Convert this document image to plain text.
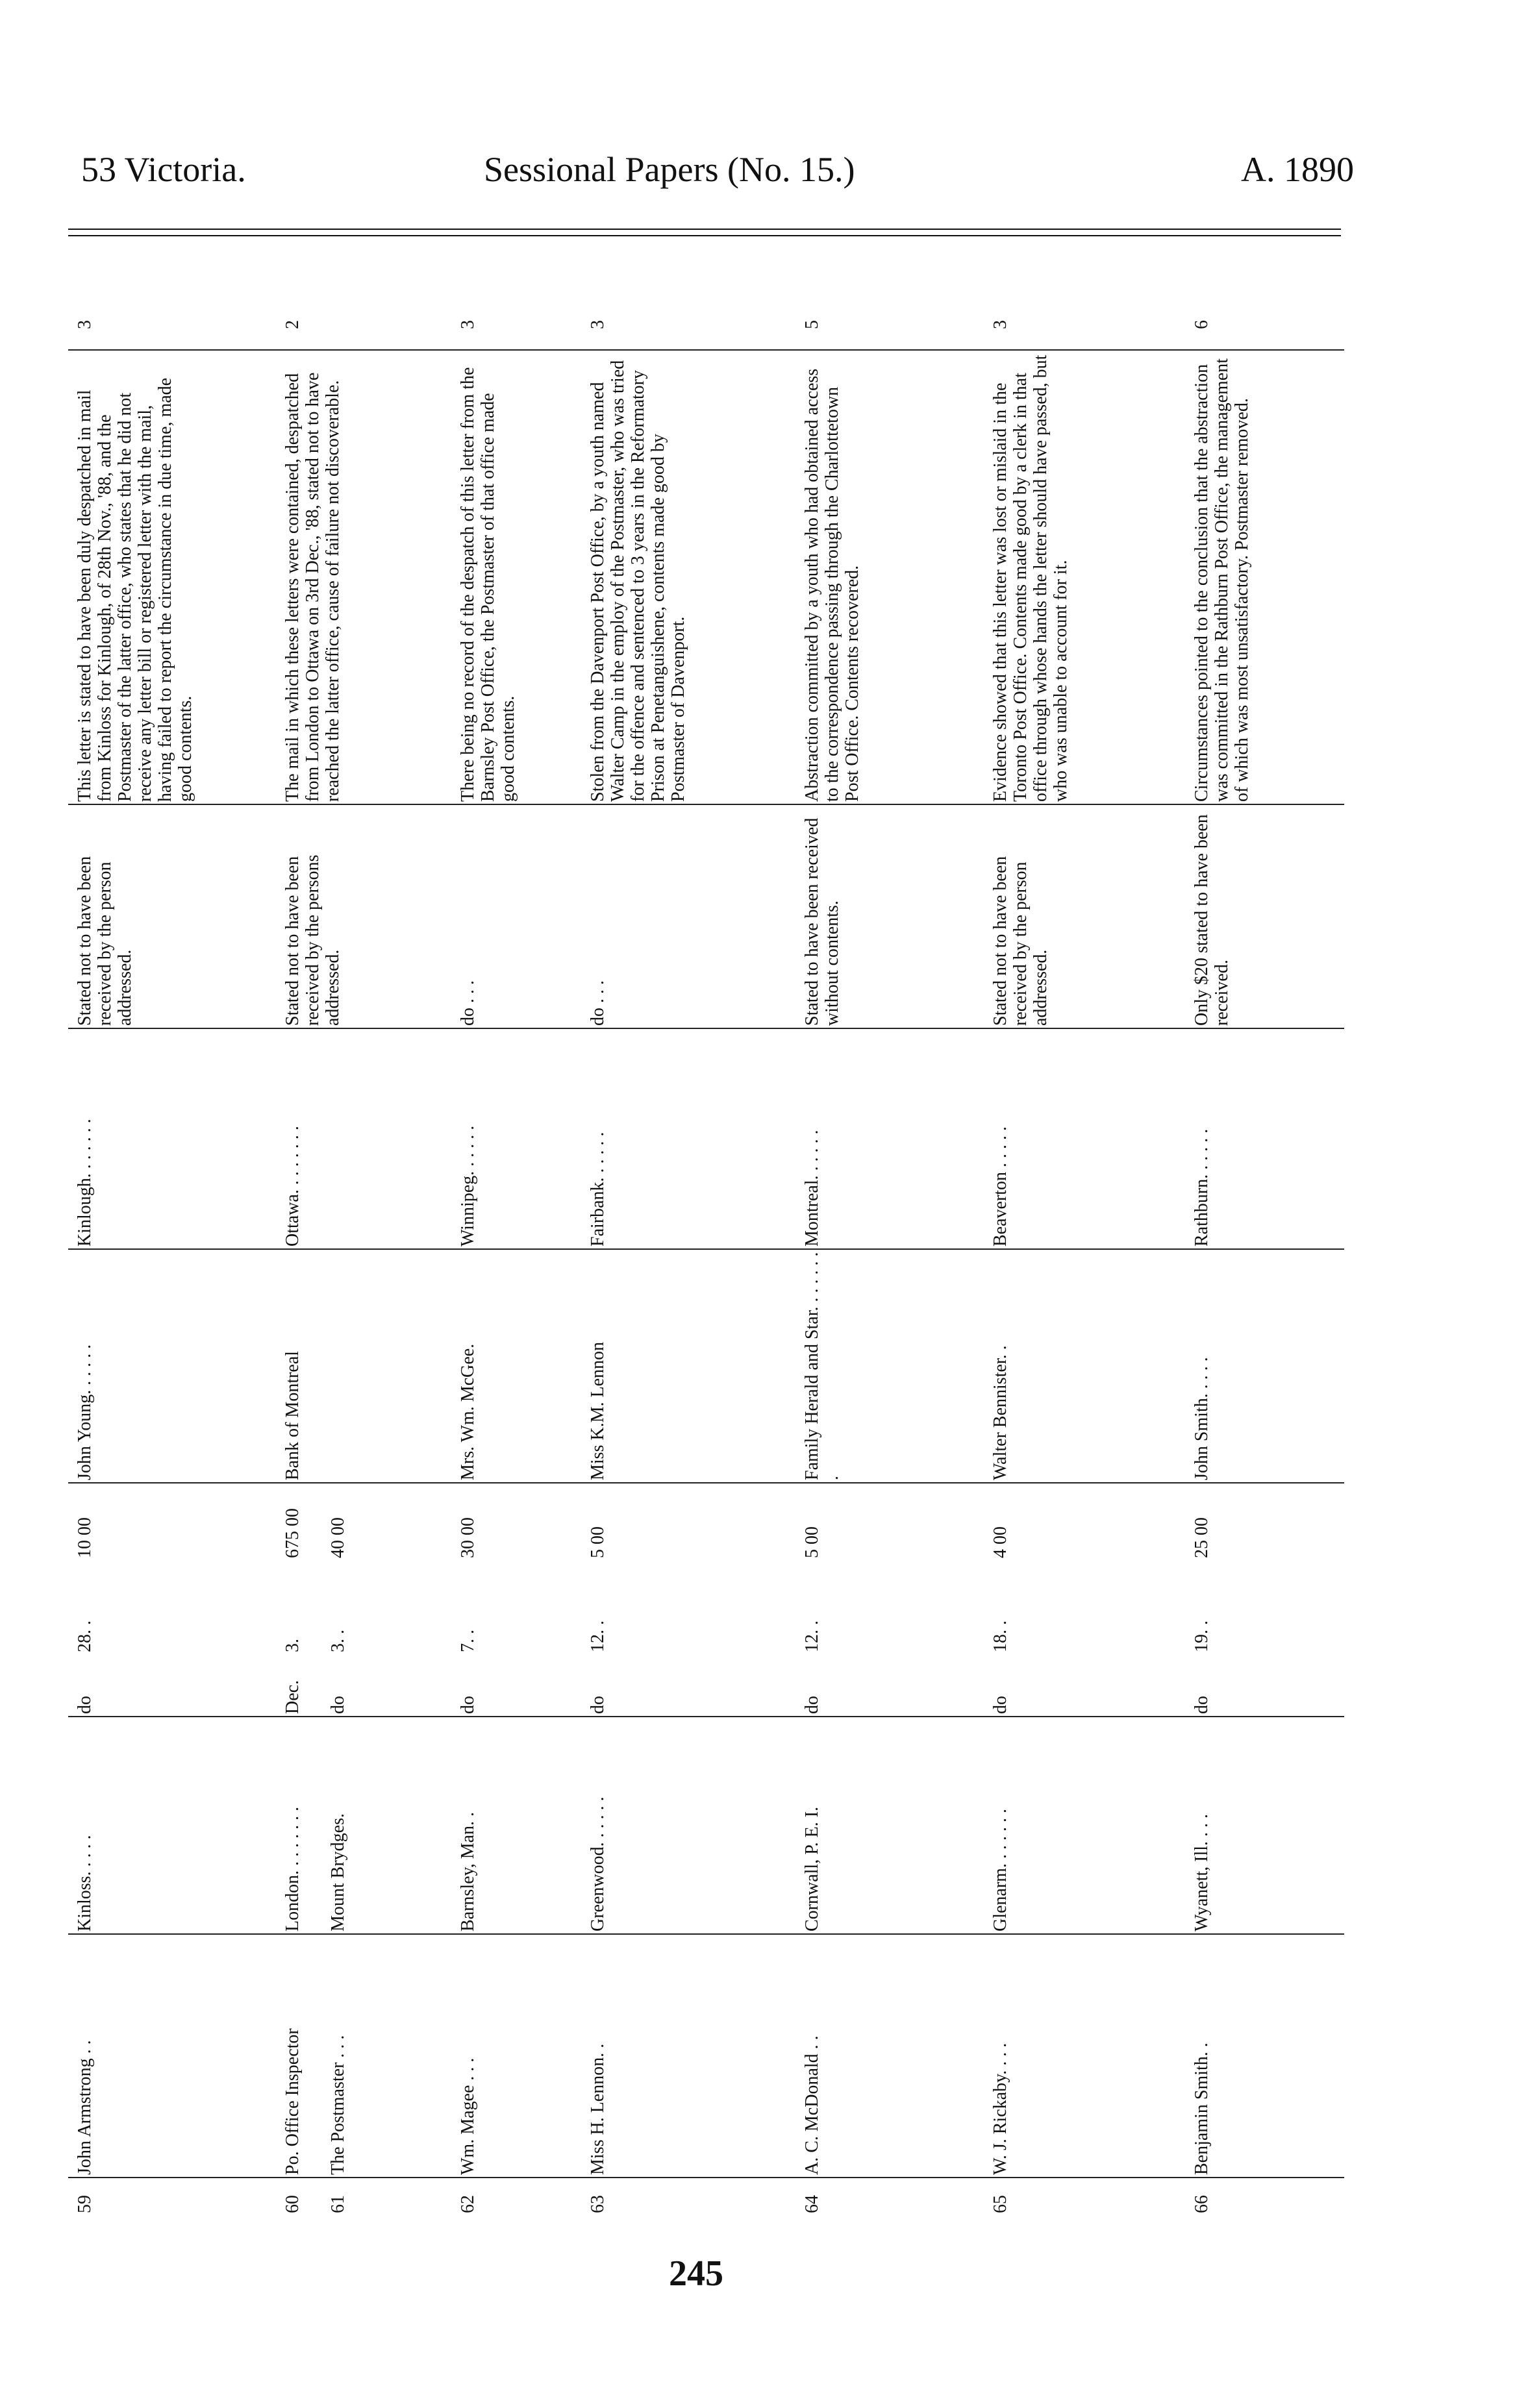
53 Victoria.	Sessional Papers (No. 15.)	A. 1890
59
John Armstrong . .
Kinloss. . . . .
do
28. .
10 00
John Young. . . . . .
Kinlough. . . . . . .
Stated not to have been received by the person addressed.
This letter is stated to have been duly despatched in mail from Kinloss for Kinlough, of 28th Nov., '88, and the Postmaster of the latter office, who states that he did not receive any letter bill or registered letter with the mail, having failed to report the circumstance in due time, made good contents.
3
60
Po. Office Inspector
London. . . . . . . .
Dec.
3.
675 00
Bank of Montreal
Ottawa. . . . . . . .
Stated not to have been received by the persons addressed.
The mail in which these letters were contained, despatched from London to Ottawa on 3rd Dec., '88, stated not to have reached the latter office, cause of failure not discoverable.
2
61
The Postmaster . . .
Mount Brydges.
do
3. .
40 00
62
Wm. Magee . . .
Barnsley, Man. .
do
7. .
30 00
Mrs. Wm. McGee.
Winnipeg. . . . . .
do . . .
There being no record of the despatch of this letter from the Barnsley Post Office, the Postmaster of that office made good contents.
3
63
Miss H. Lennon. .
Greenwood. . . . . .
do
12. .
5 00
Miss K.M. Lennon
Fairbank. . . . . .
do . . .
Stolen from the Davenport Post Office, by a youth named Walter Camp in the employ of the Postmaster, who was tried for the offence and sentenced to 3 years in the Reformatory Prison at Penetanguishene, contents made good by Postmaster of Davenport.
3
64
A. C. McDonald . .
Cornwall, P. E. I.
do
12. .
5 00
Family Herald and Star. . . . . . . .
Montreal. . . . . .
Stated to have been received without contents.
Abstraction committed by a youth who had obtained access to the correspondence passing through the Charlottetown Post Office. Contents recovered.
5
65
W. J. Rickaby. . . .
Glenarm. . . . . . .
do
18. .
4 00
Walter Bennister. .
Beaverton . . . . .
Stated not to have been received by the person addressed.
Evidence showed that this letter was lost or mislaid in the Toronto Post Office. Contents made good by a clerk in that office through whose hands the letter should have passed, but who was unable to account for it.
3
66
Benjamin Smith. .
Wyanett, Ill. . . .
do
19. .
25 00
John Smith. . . . .
Rathburn. . . . . .
Only $20 stated to have been received.
Circumstances pointed to the conclusion that the abstraction was committed in the Rathburn Post Office, the management of which was most unsatisfactory. Postmaster removed.
6
245
